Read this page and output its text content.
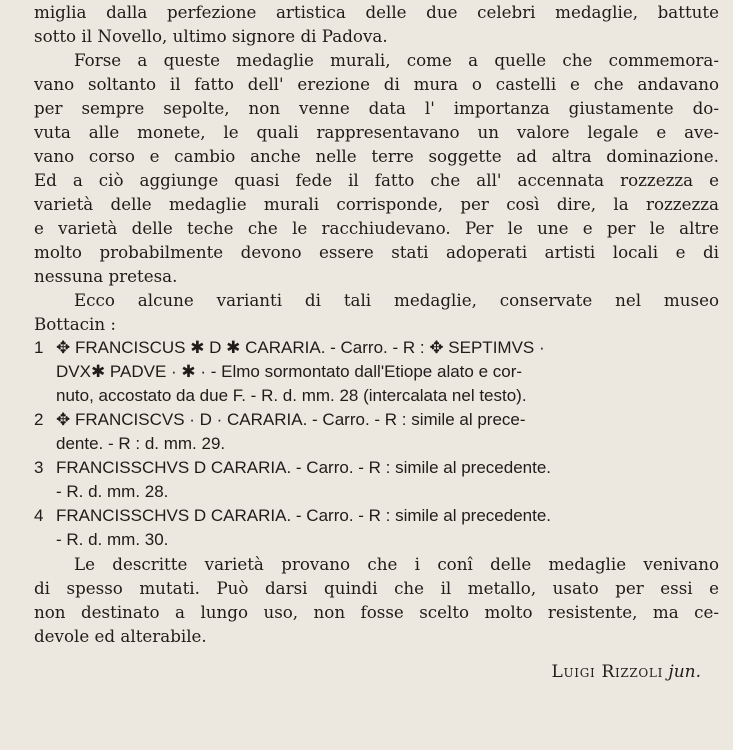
miglia dalla perfezione artistica delle due celebri medaglie, battute
sotto il Novello, ultimo signore di Padova.
Forse a queste medaglie murali, come a quelle che commemora-
vano soltanto il fatto dell' erezione di mura o castelli e che andavano
per sempre sepolte, non venne data l' importanza giustamente do-
vuta alle monete, le quali rappresentavano un valore legale e ave-
vano corso e cambio anche nelle terre soggette ad altra dominazione.
Ed a ciò aggiunge quasi fede il fatto che all' accennata rozzezza e
varietà delle medaglie murali corrisponde, per così dire, la rozzezza
e varietà delle teche che le racchiudevano. Per le une e per le altre
molto probabilmente devono essere stati adoperati artisti locali e di
nessuna pretesa.
Ecco alcune varianti di tali medaglie, conservate nel museo
Bottacin :
1 ✥ FRANCISCUS ✱ D ✱ CARARIA. - Carro. - R : ✥ SEPTIMVS ·
DVX✱ PADVE · ✱ · - Elmo sormontato dall'Etiope alato e cor-
nuto, accostato da due F. - R. d. mm. 28 (intercalata nel testo).
2 ✥ FRANCISCVS · D · CARARIA. - Carro. - R : simile al prece-
dente. - R : d. mm. 29.
3 FRANCISSCHVS D CARARIA. - Carro. - R : simile al precedente.
- R. d. mm. 28.
4 FRANCISSCHVS D CARARIA. - Carro. - R : simile al precedente.
- R. d. mm. 30.
Le descritte varietà provano che i conî delle medaglie venivano
di spesso mutati. Può darsi quindi che il metallo, usato per essi e
non destinato a lungo uso, non fosse scelto molto resistente, ma ce-
devole ed alterabile.
Luigi Rizzoli jun.
